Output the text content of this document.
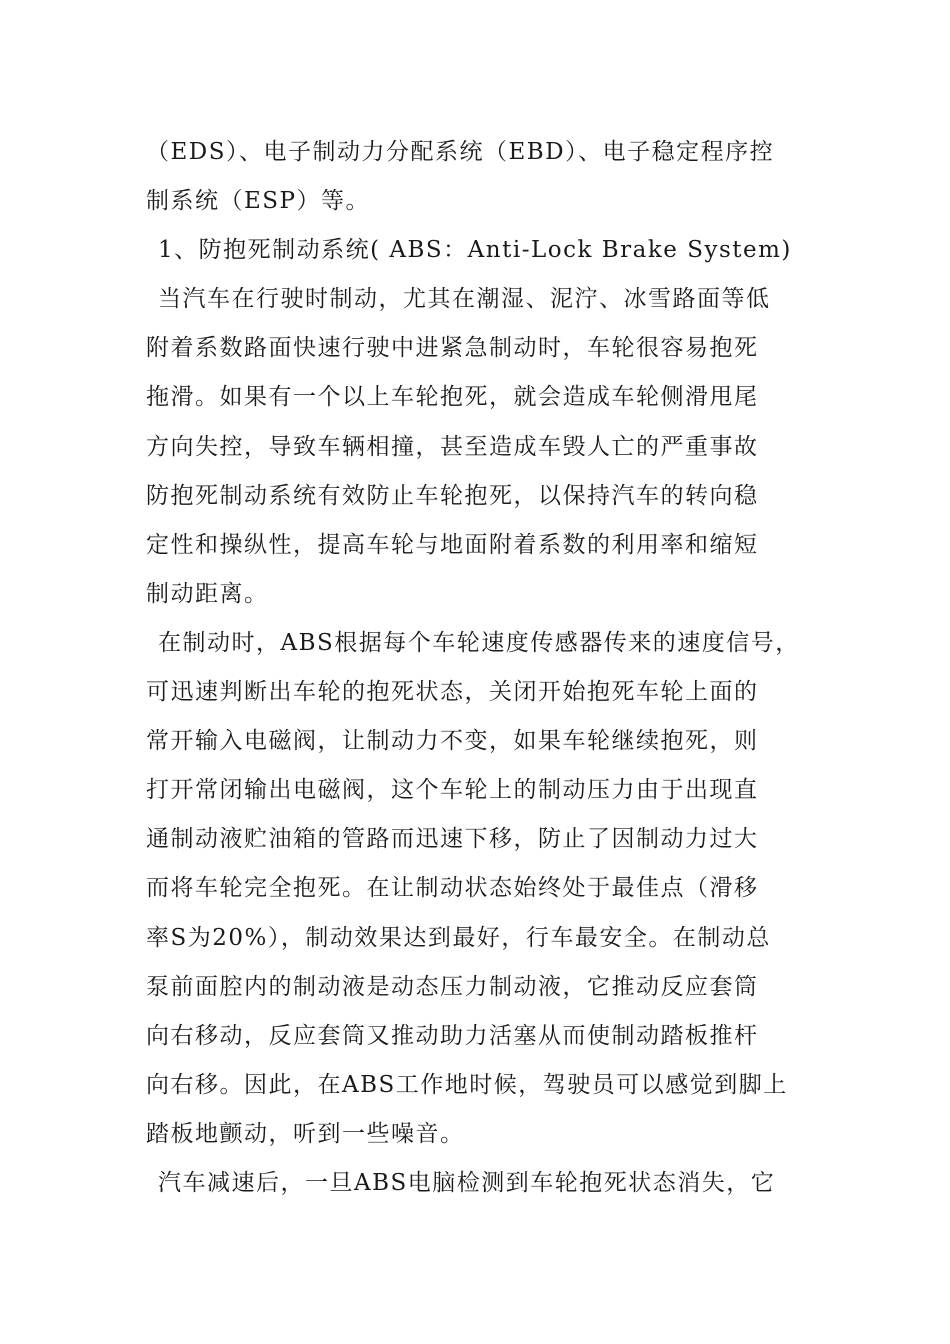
（EDS）、电子制动力分配系统（EBD）、电子稳定程序控
制系统（ESP）等。
1、防抱死制动系统( ABS：Anti-Lock Brake System)
当汽车在行驶时制动，尤其在潮湿、泥泞、冰雪路面等低
附着系数路面快速行驶中进紧急制动时，车轮很容易抱死
拖滑。如果有一个以上车轮抱死，就会造成车轮侧滑甩尾
方向失控，导致车辆相撞，甚至造成车毁人亡的严重事故
防抱死制动系统有效防止车轮抱死，以保持汽车的转向稳
定性和操纵性，提高车轮与地面附着系数的利用率和缩短
制动距离。
在制动时，ABS根据每个车轮速度传感器传来的速度信号，
可迅速判断出车轮的抱死状态，关闭开始抱死车轮上面的
常开输入电磁阀，让制动力不变，如果车轮继续抱死，则
打开常闭输出电磁阀，这个车轮上的制动压力由于出现直
通制动液贮油箱的管路而迅速下移，防止了因制动力过大
而将车轮完全抱死。在让制动状态始终处于最佳点（滑移
率S为20%），制动效果达到最好，行车最安全。在制动总
泵前面腔内的制动液是动态压力制动液，它推动反应套筒
向右移动，反应套筒又推动助力活塞从而使制动踏板推杆
向右移。因此，在ABS工作地时候，驾驶员可以感觉到脚上
踏板地颤动，听到一些噪音。
汽车减速后，一旦ABS电脑检测到车轮抱死状态消失，它
